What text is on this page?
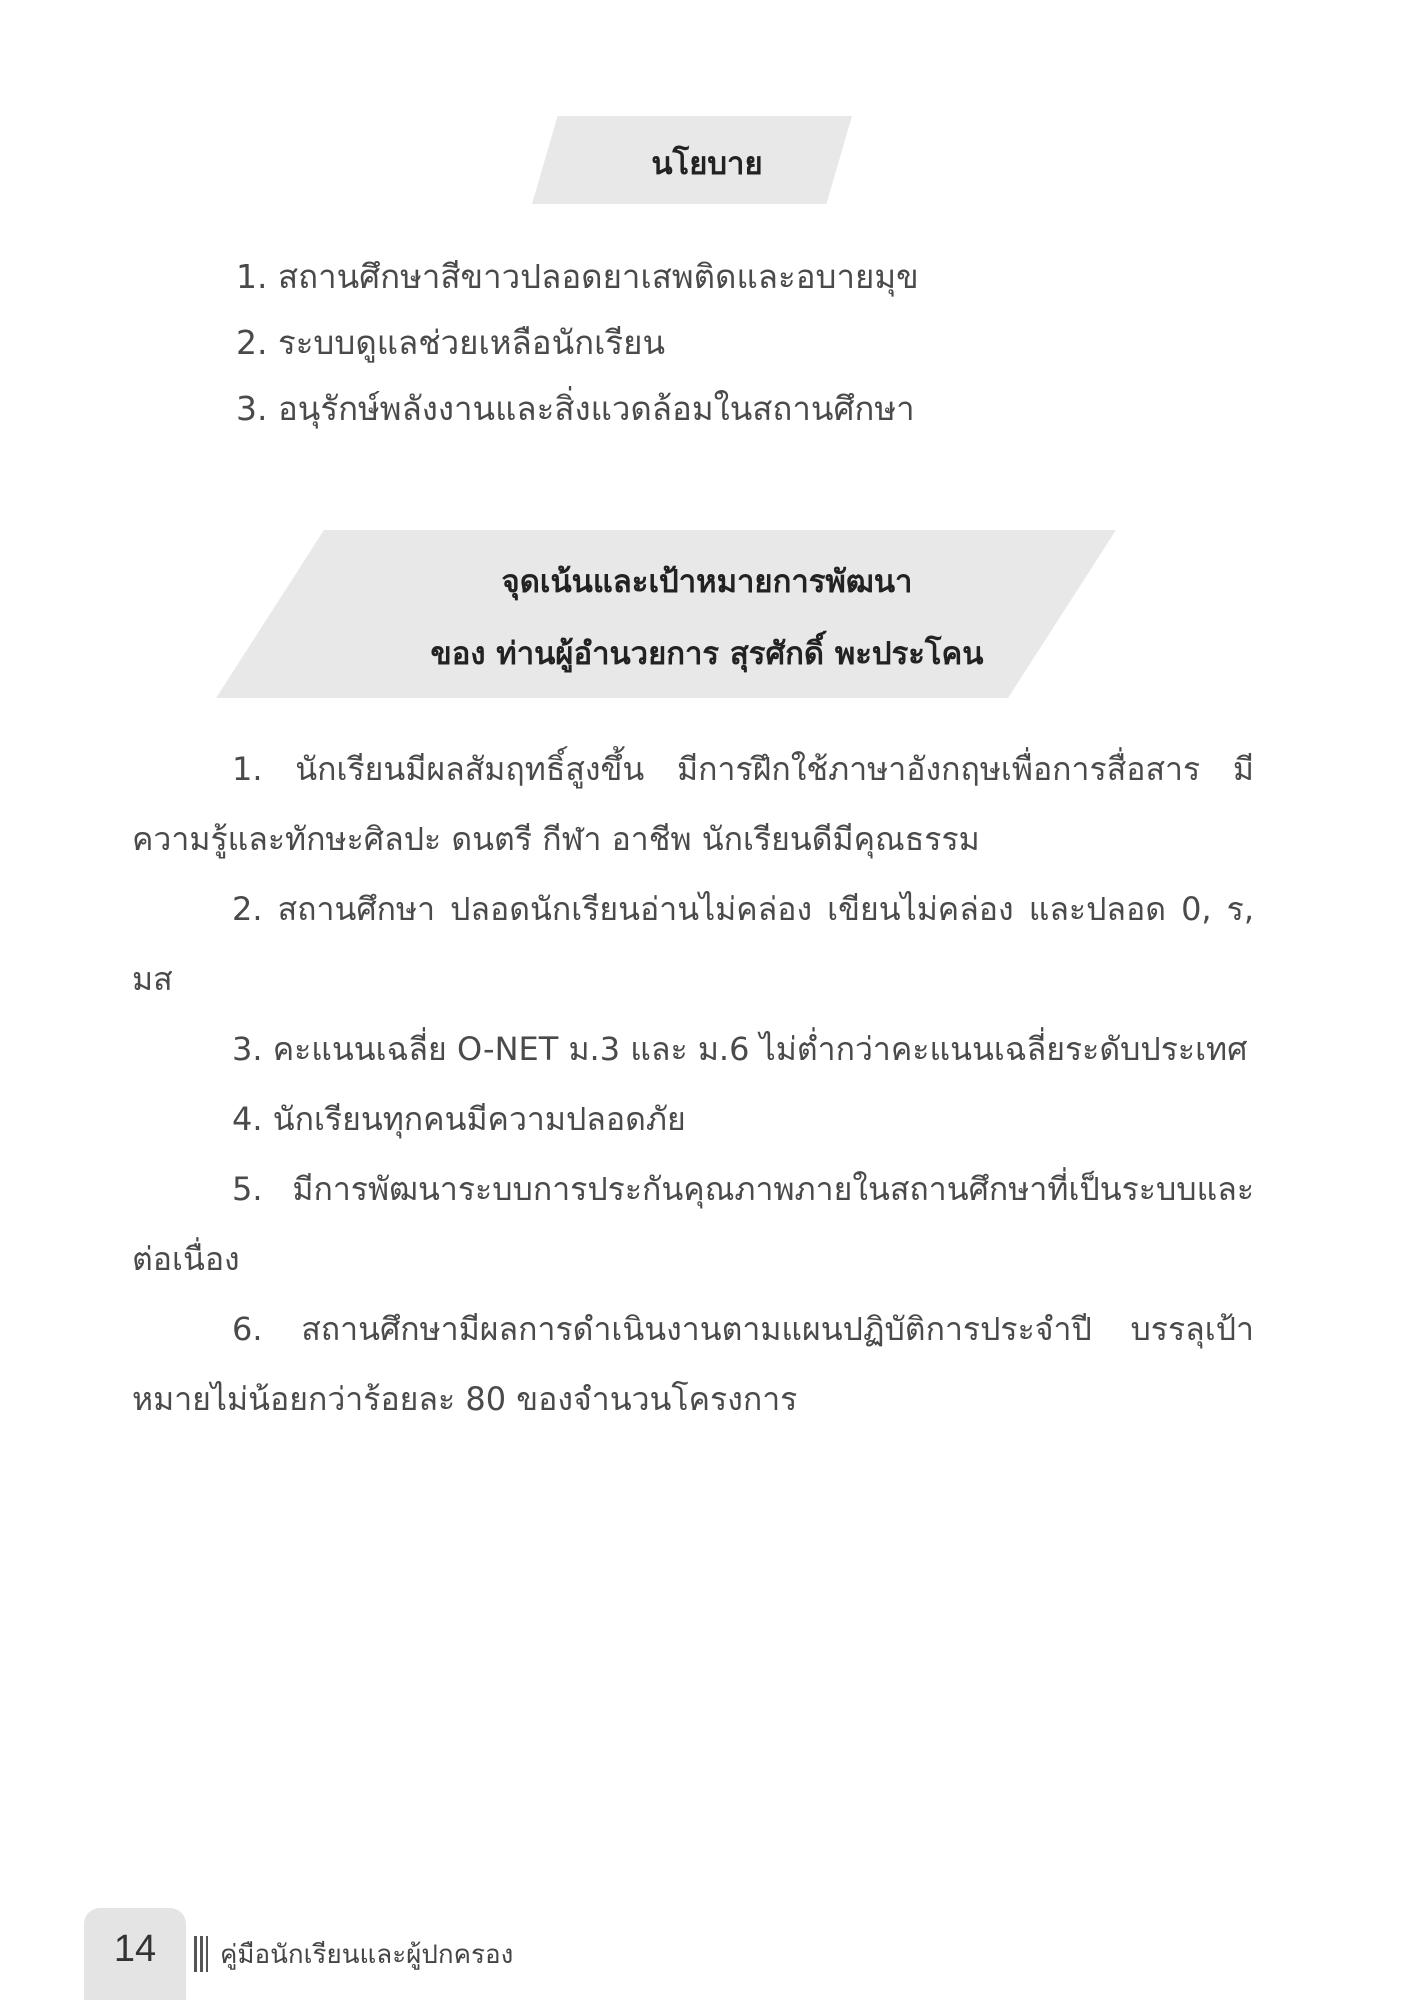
นโยบาย
1. สถานศึกษาสีขาวปลอดยาเสพติดและอบายมุข
2. ระบบดูแลช่วยเหลือนักเรียน
3. อนุรักษ์พลังงานและสิ่งแวดล้อมในสถานศึกษา
จุดเน้นและเป้าหมายการพัฒนา
ของ ท่านผู้อำนวยการ สุรศักดิ์ พะประโคน
1. นักเรียนมีผลสัมฤทธิ์สูงขึ้น มีการฝึกใช้ภาษาอังกฤษเพื่อการสื่อสาร มีความรู้และทักษะศิลปะ ดนตรี กีฬา อาชีพ นักเรียนดีมีคุณธรรม
2. สถานศึกษา ปลอดนักเรียนอ่านไม่คล่อง เขียนไม่คล่อง และปลอด 0, ร, มส
3. คะแนนเฉลี่ย O-NET ม.3 และ ม.6 ไม่ต่ำกว่าคะแนนเฉลี่ยระดับประเทศ
4. นักเรียนทุกคนมีความปลอดภัย
5. มีการพัฒนาระบบการประกันคุณภาพภายในสถานศึกษาที่เป็นระบบและต่อเนื่อง
6. สถานศึกษามีผลการดำเนินงานตามแผนปฏิบัติการประจำปี บรรลุเป้าหมายไม่น้อยกว่าร้อยละ 80 ของจำนวนโครงการ
14	คู่มือนักเรียนและผู้ปกครอง
